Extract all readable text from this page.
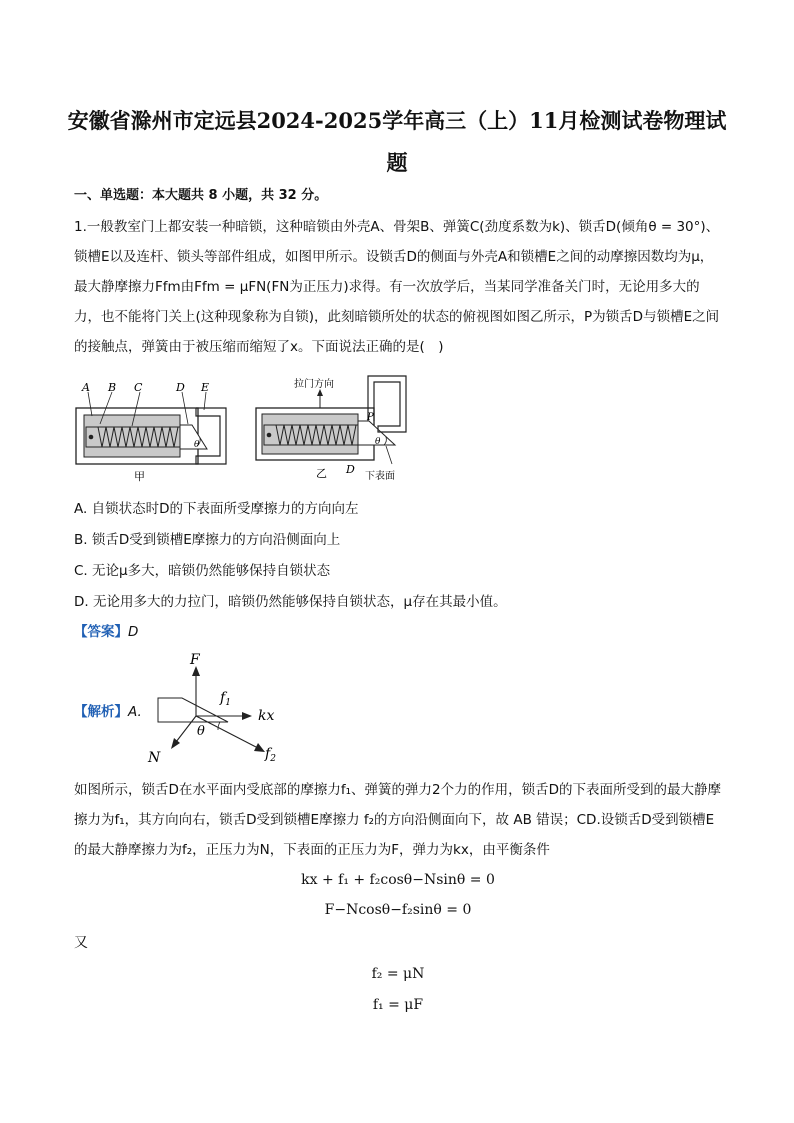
安徽省滁州市定远县2024-2025学年高三（上）11月检测试卷物理试
题
一、单选题：本大题共 8 小题，共 32 分。
1.一般教室门上都安装一种暗锁，这种暗锁由外壳A、骨架B、弹簧C(劲度系数为k)、锁舌D(倾角θ = 30°)、锁槽E以及连杆、锁头等部件组成，如图甲所示。设锁舌D的侧面与外壳A和锁槽E之间的动摩擦因数均为μ，最大静摩擦力Ffm由Ffm = μFN(FN为正压力)求得。有一次放学后，当某同学准备关门时，无论用多大的力，也不能将门关上(这种现象称为自锁)，此刻暗锁所处的状态的俯视图如图乙所示，P为锁舌D与锁槽E之间的接触点，弹簧由于被压缩而缩短了x。下面说法正确的是(　)
A B C	D E
θ
甲
拉门方向
P
θ
乙 D
下表面
A. 自锁状态时D的下表面所受摩擦力的方向向左
B. 锁舌D受到锁槽E摩擦力的方向沿侧面向上
C. 无论μ多大，暗锁仍然能够保持自锁状态
D. 无论用多大的力拉门，暗锁仍然能够保持自锁状态，μ存在其最小值。
【答案】D
【解析】A.
F
$f_1$
kx
N
θ
$f_2$
如图所示，锁舌D在水平面内受底部的摩擦力f₁、弹簧的弹力2个力的作用，锁舌D的下表面所受到的最大静摩擦力为f₁，其方向向右，锁舌D受到锁槽E摩擦力 f₂的方向沿侧面向下，故 AB 错误；CD.设锁舌D受到锁槽E的最大静摩擦力为f₂，正压力为N，下表面的正压力为F，弹力为kx，由平衡条件
kx + f₁ + f₂cosθ−Nsinθ = 0
F−Ncosθ−f₂sinθ = 0
又
f₂ = μN
f₁ = μF
